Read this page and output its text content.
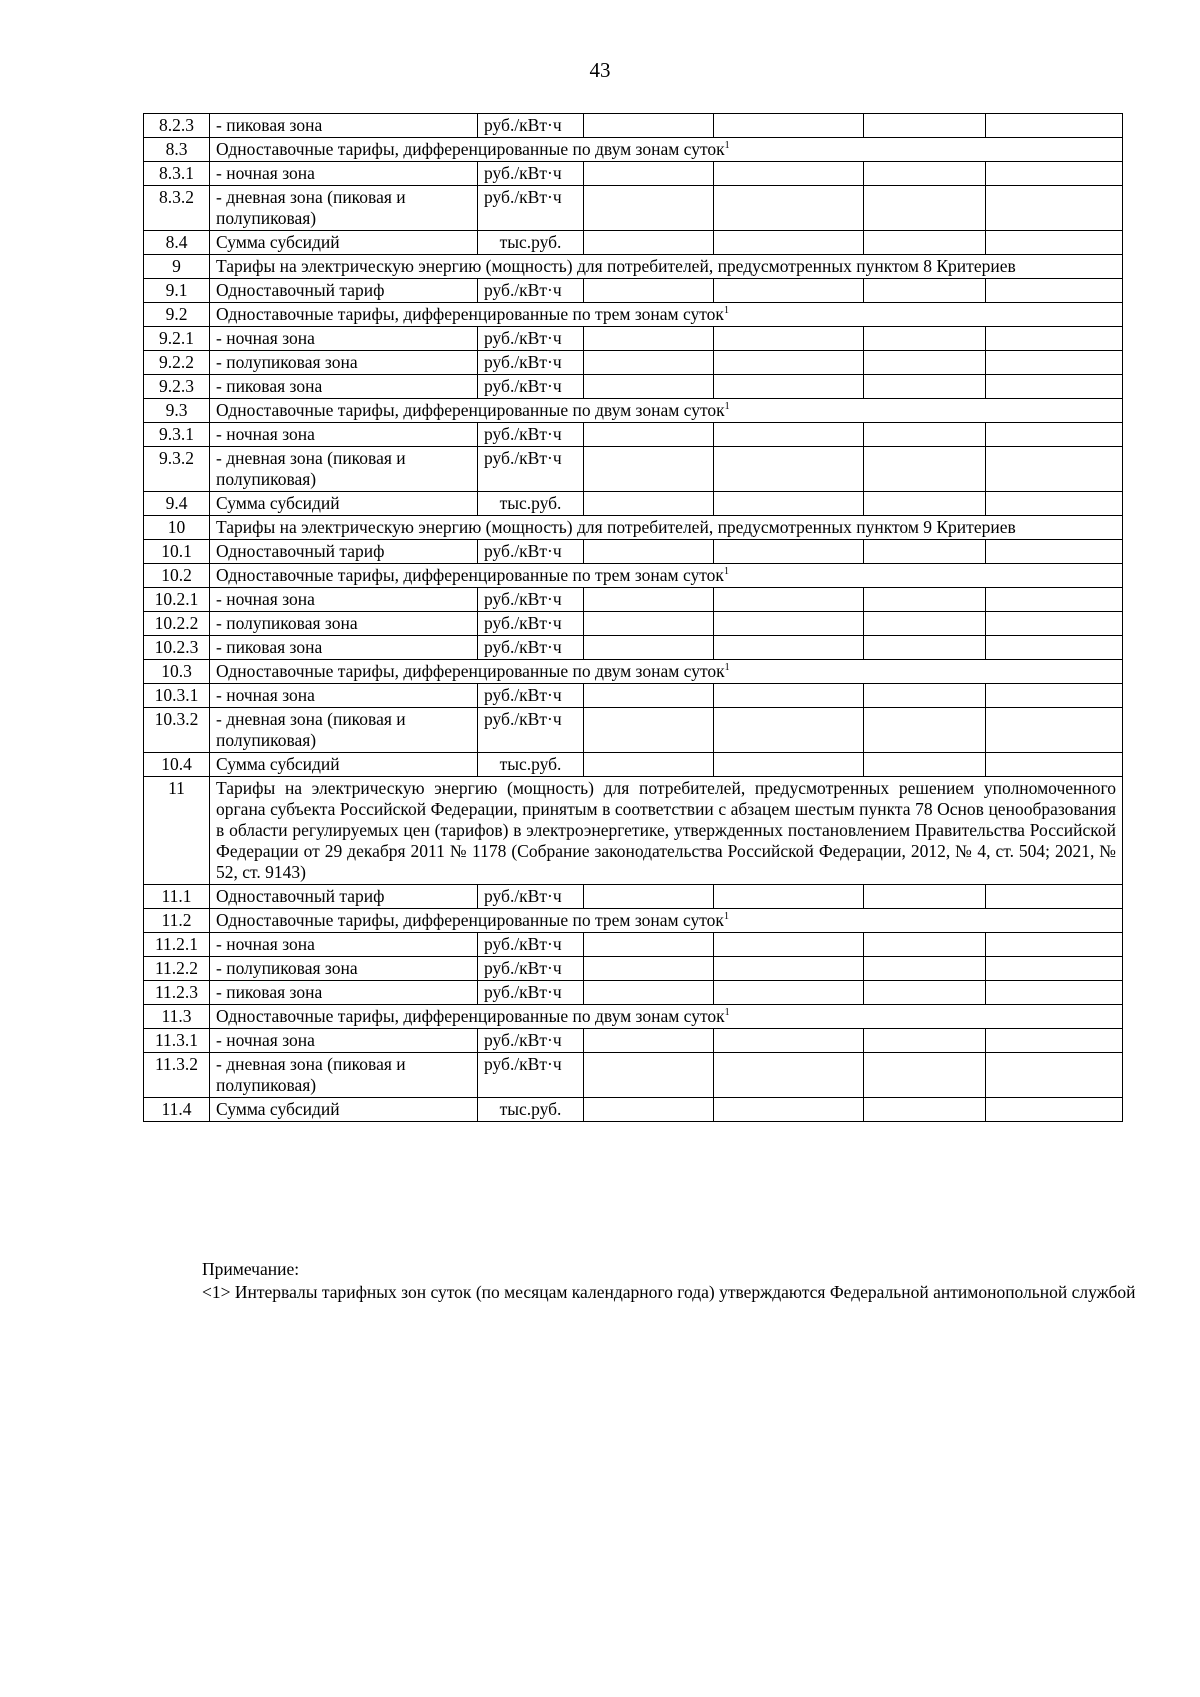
43
8.2.3	- пиковая зона	руб./кВт·ч				
8.3	Одноставочные тарифы, дифференцированные по двум зонам суток$^1$
8.3.1	- ночная зона	руб./кВт·ч				
8.3.2	- дневная зона (пиковая и полупиковая)	руб./кВт·ч				
8.4	Сумма субсидий	тыс.руб.				
9	Тарифы на электрическую энергию (мощность) для потребителей, предусмотренных пунктом 8 Критериев					
9.1	Одноставочный тариф	руб./кВт·ч				
9.2	Одноставочные тарифы, дифференцированные по трем зонам суток$^1$
9.2.1	- ночная зона	руб./кВт·ч				
9.2.2	- полупиковая зона	руб./кВт·ч				
9.2.3	- пиковая зона	руб./кВт·ч				
9.3	Одноставочные тарифы, дифференцированные по двум зонам суток$^1$
9.3.1	- ночная зона	руб./кВт·ч				
9.3.2	- дневная зона (пиковая и полупиковая)	руб./кВт·ч				
9.4	Сумма субсидий	тыс.руб.				
10	Тарифы на электрическую энергию (мощность) для потребителей, предусмотренных пунктом 9 Критериев					
10.1	Одноставочный тариф	руб./кВт·ч				
10.2	Одноставочные тарифы, дифференцированные по трем зонам суток$^1$
10.2.1	- ночная зона	руб./кВт·ч				
10.2.2	- полупиковая зона	руб./кВт·ч				
10.2.3	- пиковая зона	руб./кВт·ч				
10.3	Одноставочные тарифы, дифференцированные по двум зонам суток$^1$
10.3.1	- ночная зона	руб./кВт·ч				
10.3.2	- дневная зона (пиковая и полупиковая)	руб./кВт·ч				
10.4	Сумма субсидий	тыс.руб.				
11	Тарифы на электрическую энергию (мощность) для потребителей, предусмотренных решением уполномоченного органа субъекта Российской Федерации, принятым в соответствии с абзацем шестым пункта 78 Основ ценообразования в области регулируемых цен (тарифов) в электроэнергетике, утвержденных постановлением Правительства Российской Федерации от 29 декабря 2011 № 1178 (Собрание законодательства Российской Федерации, 2012, № 4, ст. 504; 2021, № 52, ст. 9143)					
11.1	Одноставочный тариф	руб./кВт·ч				
11.2	Одноставочные тарифы, дифференцированные по трем зонам суток$^1$
11.2.1	- ночная зона	руб./кВт·ч				
11.2.2	- полупиковая зона	руб./кВт·ч				
11.2.3	- пиковая зона	руб./кВт·ч				
11.3	Одноставочные тарифы, дифференцированные по двум зонам суток$^1$
11.3.1	- ночная зона	руб./кВт·ч				
11.3.2	- дневная зона (пиковая и полупиковая)	руб./кВт·ч				
11.4	Сумма субсидий	тыс.руб.				

Примечание:

<1> Интервалы тарифных зон суток (по месяцам календарного года) утверждаются Федеральной антимонопольной службой
